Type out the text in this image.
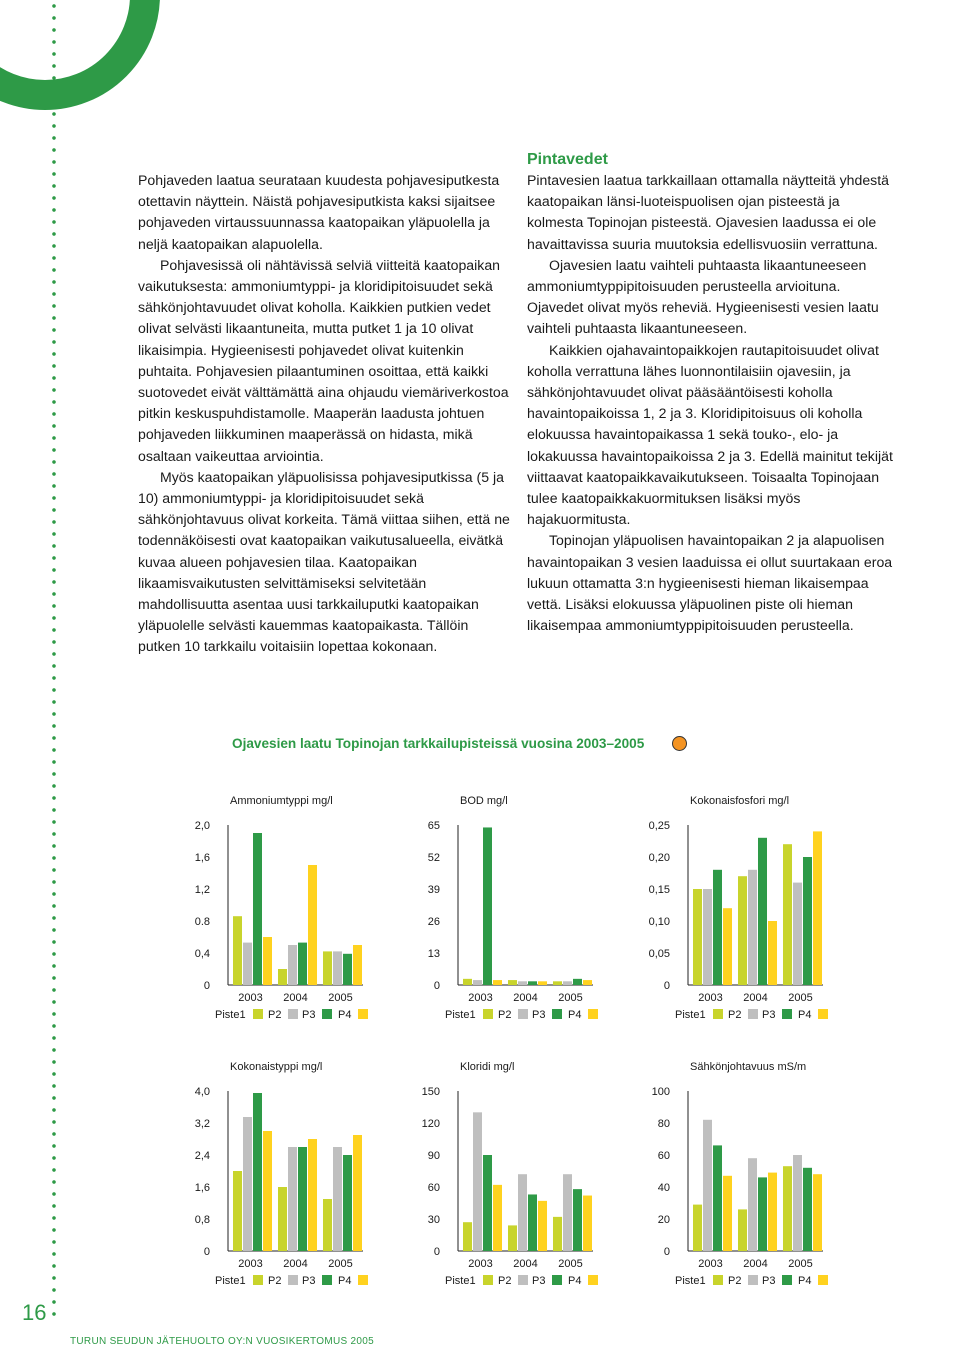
Pohjaveden laatua seurataan kuudesta pohjavesiputkesta otettavin näyttein. Näistä pohjavesiputkista kaksi sijaitsee pohjaveden virtaussuunnassa kaatopaikan yläpuolella ja neljä kaatopaikan alapuolella.

Pohjavesissä oli nähtävissä selviä viitteitä kaatopaikan vaikutuksesta: ammoniumtyppi- ja kloridipitoisuudet sekä sähkönjohtavuudet olivat koholla. Kaikkien putkien vedet olivat selvästi likaantuneita, mutta putket 1 ja 10 olivat likaisimpia. Hygieenisesti pohjavedet olivat kuitenkin puhtaita. Pohjavesien pilaantuminen osoittaa, että kaikki suotovedet eivät välttämättä aina ohjaudu viemäriverkostoa pitkin keskuspuhdistamolle. Maaperän laadusta johtuen pohjaveden liikkuminen maaperässä on hidasta, mikä osaltaan vaikeuttaa arviointia.

Myös kaatopaikan yläpuolisissa pohjavesiputkissa (5 ja 10) ammoniumtyppi- ja kloridipitoisuudet sekä sähkönjohtavuus olivat korkeita. Tämä viittaa siihen, että ne todennäköisesti ovat kaatopaikan vaikutusalueella, eivätkä kuvaa alueen pohjavesien tilaa. Kaatopaikan likaamisvaikutusten selvittämiseksi selvitetään mahdollisuutta asentaa uusi tarkkailuputki kaatopaikan yläpuolelle selvästi kauemmas kaatopaikasta. Tällöin putken 10 tarkkailu voitaisiin lopettaa kokonaan.

Pintavedet

Pintavesien laatua tarkkaillaan ottamalla näytteitä yhdestä kaatopaikan länsi-luoteispuolisen ojan pisteestä ja kolmesta Topinojan pisteestä. Ojavesien laadussa ei ole havaittavissa suuria muutoksia edellisvuosiin verrattuna.

Ojavesien laatu vaihteli puhtaasta likaantuneeseen ammoniumtyppipitoisuuden perusteella arvioituna. Ojavedet olivat myös reheviä. Hygieenisesti vesien laatu vaihteli puhtaasta likaantuneeseen.

Kaikkien ojahavaintopaikkojen rautapitoisuudet olivat koholla verrattuna lähes luonnontilaisiin ojavesiin, ja sähkönjohtavuudet olivat pääsääntöisesti koholla havaintopaikoissa 1, 2 ja 3. Kloridipitoisuus oli koholla elokuussa havaintopaikassa 1 sekä touko-, elo- ja lokakuussa havaintopaikoissa 2 ja 3. Edellä mainitut tekijät viittaavat kaatopaikkavaikutukseen. Toisaalta Topinojaan tulee kaatopaikkakuormituksen lisäksi myös hajakuormitusta.

Topinojan yläpuolisen havaintopaikan 2 ja alapuolisen havaintopaikan 3 vesien laaduissa ei ollut suurtakaan eroa lukuun ottamatta 3:n hygieenisesti hieman likaisempaa vettä. Lisäksi elokuussa yläpuolinen piste oli hieman likaisempaa ammoniumtyppipitoisuuden perusteella.

Ojavesien laatu Topinojan tarkkailupisteissä vuosina 2003–2005
Ammoniumtyppi mg/l
0
0,4
0.8
1,2
1,6
2,0
2003 2004 2005
Piste1 P2 P3 P4
BOD mg/l
0
13
26
39
52
65
2003 2004 2005
Piste1 P2 P3 P4
Kokonaisfosfori mg/l
0
0,05
0,10
0,15
0,20
0,25
2003 2004 2005
Piste1 P2 P3 P4
Kokonaistyppi mg/l
0
0,8
1,6
2,4
3,2
4,0
2003 2004 2005
Piste1 P2 P3 P4
Kloridi mg/l
0
30
60
90
120
150
2003 2004 2005
Piste1 P2 P3 P4
Sähkönjohtavuus mS/m
0
20
40
60
80
100
2003 2004 2005
Piste1 P2 P3 P4
16
TURUN SEUDUN JÄTEHUOLTO OY:N VUOSIKERTOMUS 2005
